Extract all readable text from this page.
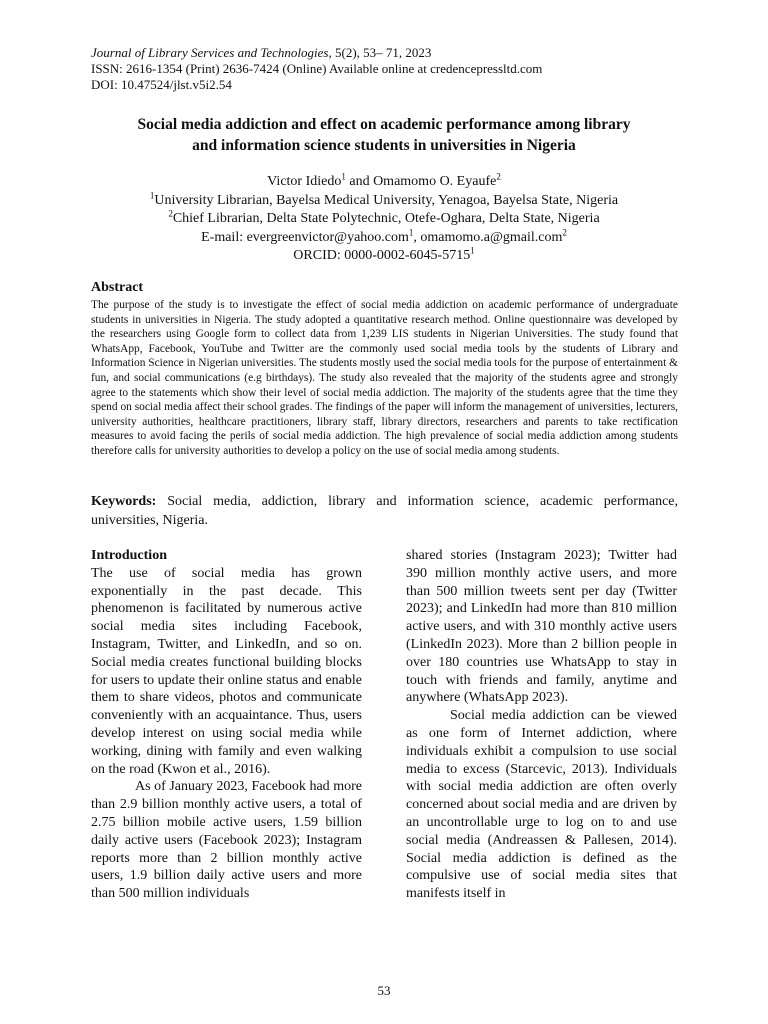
Journal of Library Services and Technologies, 5(2), 53– 71, 2023
ISSN: 2616-1354 (Print) 2636-7424 (Online) Available online at credencepressltd.com
DOI: 10.47524/jlst.v5i2.54
Social media addiction and effect on academic performance among library
and information science students in universities in Nigeria
Victor Idiedo$^1$ and Omamomo O. Eyaufe$^2$
$^1$University Librarian, Bayelsa Medical University, Yenagoa, Bayelsa State, Nigeria
$^2$Chief Librarian, Delta State Polytechnic, Otefe-Oghara, Delta State, Nigeria
E-mail: evergreenvictor@yahoo.com$^1$, omamomo.a@gmail.com$^2$
ORCID: 0000-0002-6045-5715$^1$
Abstract
The purpose of the study is to investigate the effect of social media addiction on academic performance of undergraduate students in universities in Nigeria. The study adopted a quantitative research method. Online questionnaire was developed by the researchers using Google form to collect data from 1,239 LIS students in Nigerian Universities. The study found that WhatsApp, Facebook, YouTube and Twitter are the commonly used social media tools by the students of Library and Information Science in Nigerian universities. The students mostly used the social media tools for the purpose of entertainment & fun, and social communications (e.g birthdays). The study also revealed that the majority of the students agree and strongly agree to the statements which show their level of social media addiction. The majority of the students agree that the time they spend on social media affect their school grades. The findings of the paper will inform the management of universities, lecturers, university authorities, healthcare practitioners, library staff, library directors, researchers and parents to take rectification measures to avoid facing the perils of social media addiction. The high prevalence of social media addiction among students therefore calls for university authorities to develop a policy on the use of social media among students.
Keywords: Social media, addiction, library and information science, academic performance, universities, Nigeria.
Introduction

The use of social media has grown exponentially in the past decade. This phenomenon is facilitated by numerous active social media sites including Facebook, Instagram, Twitter, and LinkedIn, and so on. Social media creates functional building blocks for users to update their online status and enable them to share videos, photos and communicate conveniently with an acquaintance. Thus, users develop interest on using social media while working, dining with family and even walking on the road (Kwon et al., 2016).

As of January 2023, Facebook had more than 2.9 billion monthly active users, a total of 2.75 billion mobile active users, 1.59 billion daily active users (Facebook 2023); Instagram reports more than 2 billion monthly active users, 1.9 billion daily active users and more than 500 million individuals

shared stories (Instagram 2023); Twitter had 390 million monthly active users, and more than 500 million tweets sent per day (Twitter 2023); and LinkedIn had more than 810 million active users, and with 310 monthly active users (LinkedIn 2023). More than 2 billion people in over 180 countries use WhatsApp to stay in touch with friends and family, anytime and anywhere (WhatsApp 2023).

Social media addiction can be viewed as one form of Internet addiction, where individuals exhibit a compulsion to use social media to excess (Starcevic, 2013). Individuals with social media addiction are often overly concerned about social media and are driven by an uncontrollable urge to log on to and use social media (Andreassen & Pallesen, 2014). Social media addiction is defined as the compulsive use of social media sites that manifests itself in

53
